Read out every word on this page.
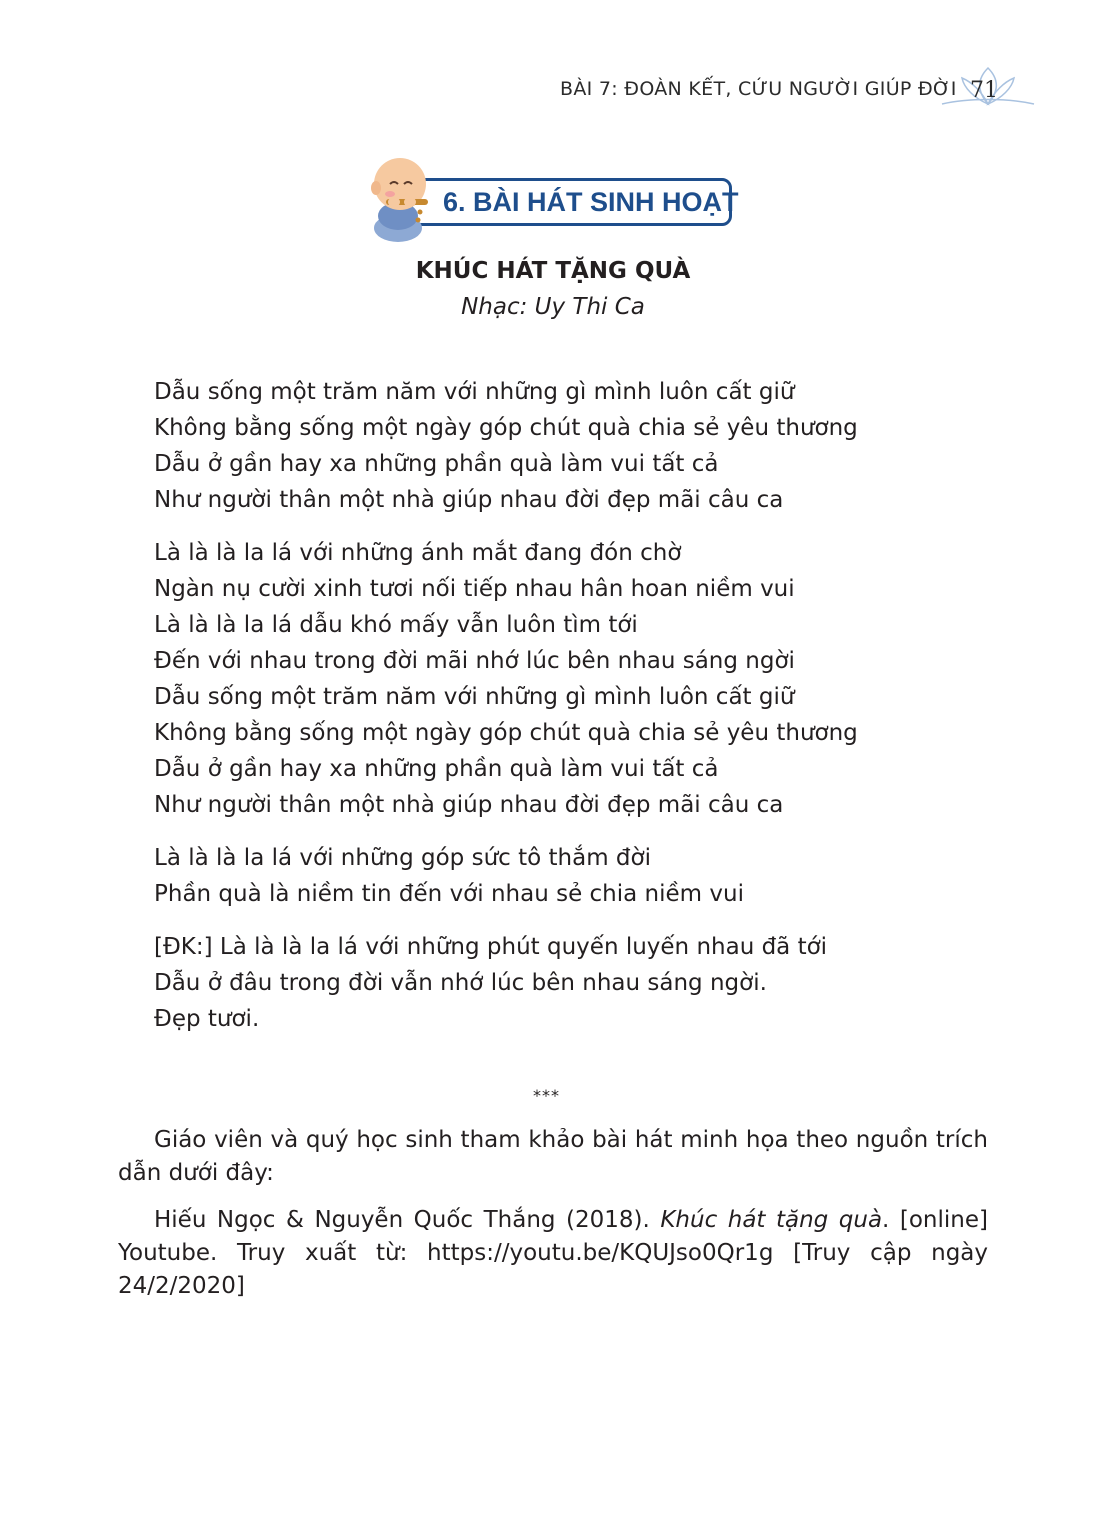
BÀI 7: ĐOÀN KẾT, CỨU NGƯỜI GIÚP ĐỜI 71
6. BÀI HÁT SINH HOẠT
KHÚC HÁT TẶNG QUÀ
Nhạc: Uy Thi Ca
Dẫu sống một trăm năm với những gì mình luôn cất giữ
Không bằng sống một ngày góp chút quà chia sẻ yêu thương
Dẫu ở gần hay xa những phần quà làm vui tất cả
Như người thân một nhà giúp nhau đời đẹp mãi câu ca
Là là là la lá với những ánh mắt đang đón chờ
Ngàn nụ cười xinh tươi nối tiếp nhau hân hoan niềm vui
Là là là la lá dẫu khó mấy vẫn luôn tìm tới
Đến với nhau trong đời mãi nhớ lúc bên nhau sáng ngời
Dẫu sống một trăm năm với những gì mình luôn cất giữ
Không bằng sống một ngày góp chút quà chia sẻ yêu thương
Dẫu ở gần hay xa những phần quà làm vui tất cả
Như người thân một nhà giúp nhau đời đẹp mãi câu ca
Là là là la lá với những góp sức tô thắm đời
Phần quà là niềm tin đến với nhau sẻ chia niềm vui
[ĐK:] Là là là la lá với những phút quyến luyến nhau đã tới
Dẫu ở đâu trong đời vẫn nhớ lúc bên nhau sáng ngời.
Đẹp tươi.
***

Giáo viên và quý học sinh tham khảo bài hát minh họa theo nguồn trích dẫn dưới đây:

Hiếu Ngọc & Nguyễn Quốc Thắng (2018). Khúc hát tặng quà. [online] Youtube. Truy xuất từ: https://youtu.be/KQUJso0Qr1g [Truy cập ngày 24/2/2020]
